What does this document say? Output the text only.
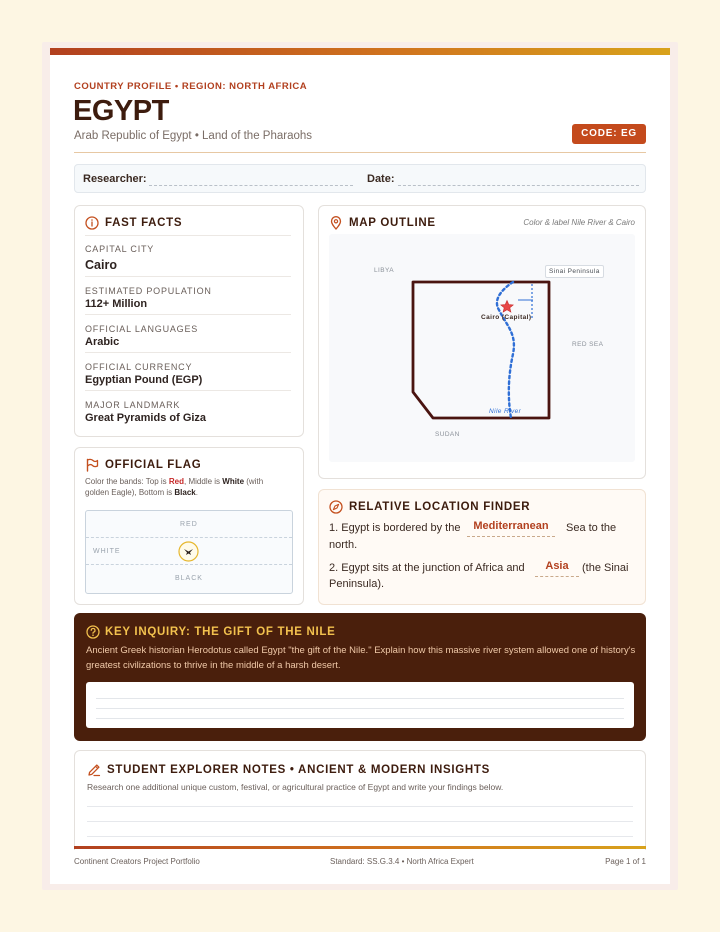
COUNTRY PROFILE • REGION: NORTH AFRICA
EGYPT
Arab Republic of Egypt • Land of the Pharaohs	CODE: EG
Researcher:	Date:
FAST FACTS
CAPITAL CITY
Cairo
ESTIMATED POPULATION
112+ Million
OFFICIAL LANGUAGES
Arabic
OFFICIAL CURRENCY
Egyptian Pound (EGP)
MAJOR LANDMARK
Great Pyramids of Giza
OFFICIAL FLAG
Color the bands: Top is Red, Middle is White (with golden Eagle), Bottom is Black.
RED
WHITE
BLACK
MAP OUTLINE	Color & label Nile River & Cairo
LIBYA	Sinai Peninsula
Cairo (Capital)
RED SEA
Nile River
SUDAN
RELATIVE LOCATION FINDER
1. Egypt is bordered by the	Mediterranean	Sea to the
north.
2. Egypt sits at the junction of Africa and	Asia	(the Sinai
Peninsula).
KEY INQUIRY: THE GIFT OF THE NILE
Ancient Greek historian Herodotus called Egypt "the gift of the Nile." Explain how this massive river system allowed one of history's greatest civilizations to thrive in the middle of a harsh desert.
STUDENT EXPLORER NOTES • ANCIENT & MODERN INSIGHTS
Research one additional unique custom, festival, or agricultural practice of Egypt and write your findings below.
Continent Creators Project Portfolio	Standard: SS.G.3.4 • North Africa Expert	Page 1 of 1
